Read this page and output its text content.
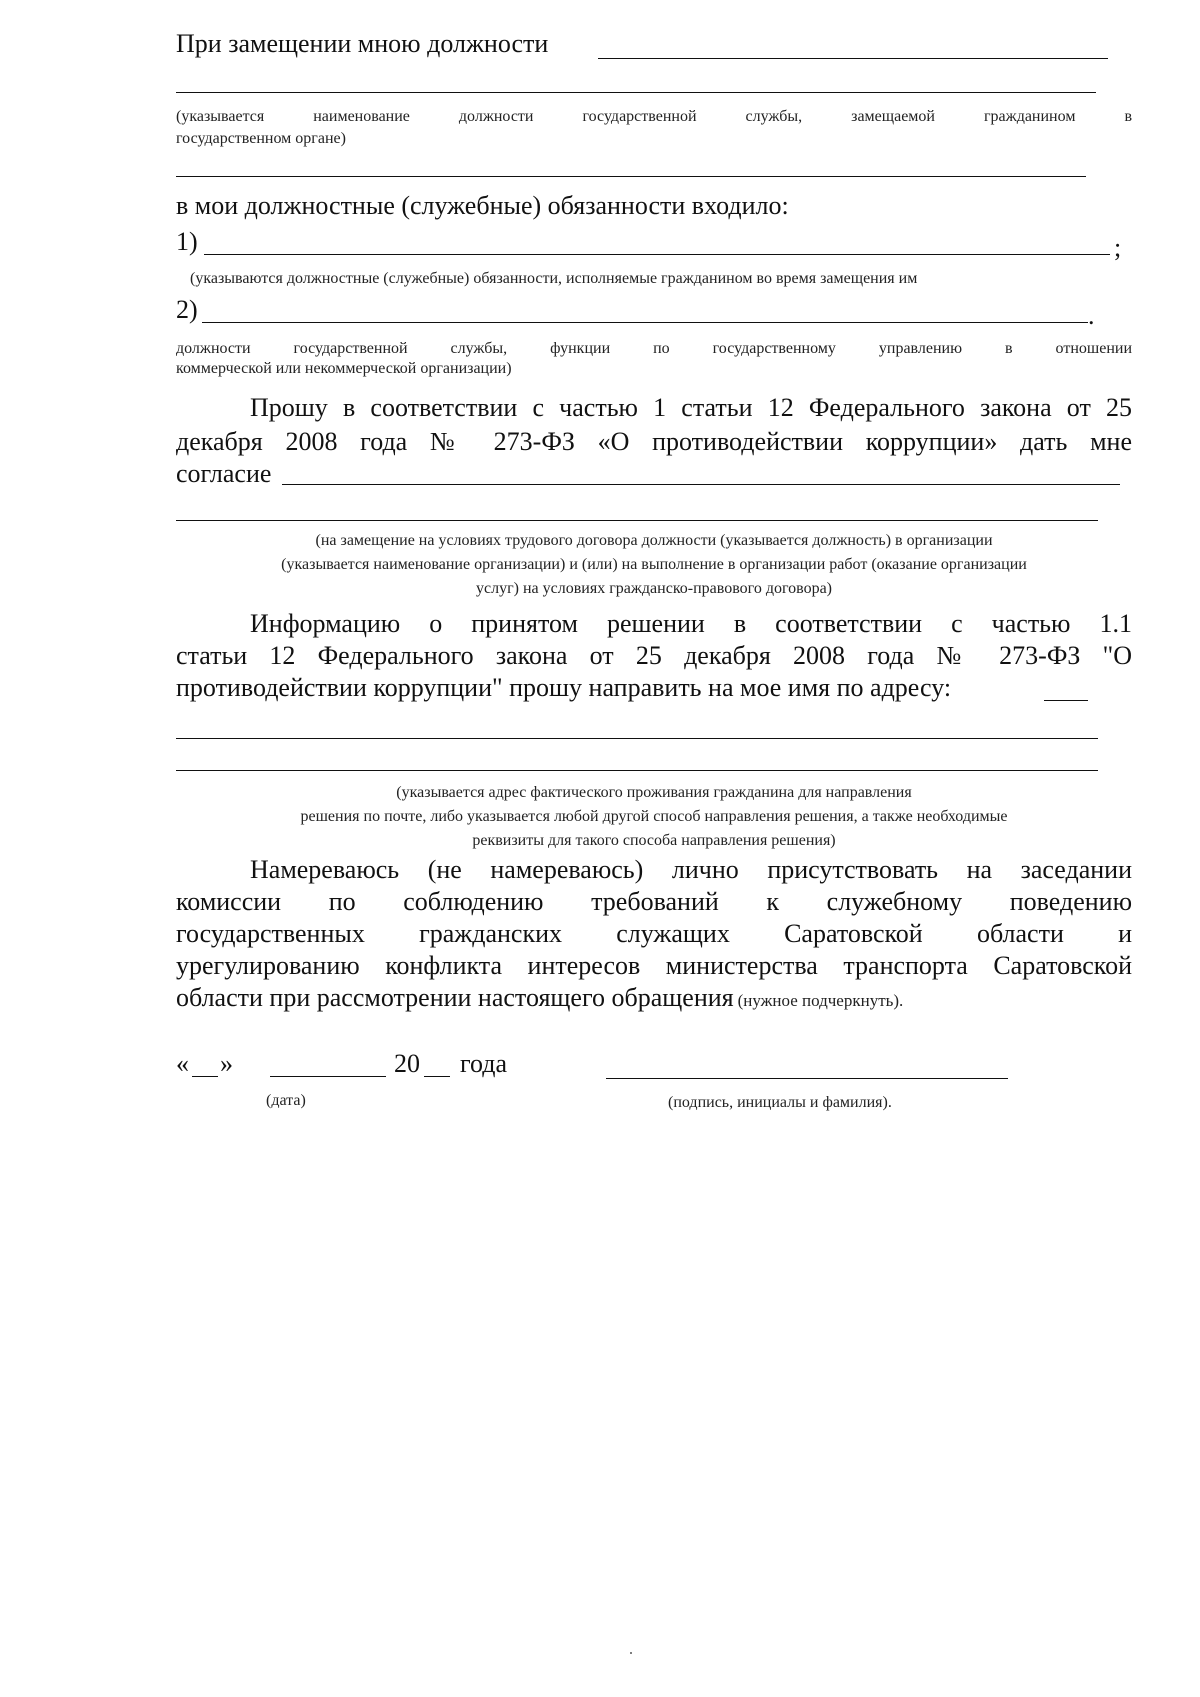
При замещении мною должности
(указывается наименование должности государственной службы, замещаемой гражданином в
государственном органе)
в мои должностные (служебные) обязанности входило:
1)	;
(указываются должностные (служебные) обязанности, исполняемые гражданином во время замещения им
2)	.
должности государственной службы, функции по государственному управлению в отношении
коммерческой или некоммерческой организации)
Прошу в соответствии с частью 1 статьи 12 Федерального закона от 25
декабря 2008 года № 273-ФЗ «О противодействии коррупции» дать мне
согласие
(на замещение на условиях трудового договора должности (указывается должность) в организации
(указывается наименование организации) и (или) на выполнение в организации работ (оказание организации
услуг) на условиях гражданско-правового договора)
Информацию о принятом решении в соответствии с частью 1.1
статьи 12 Федерального закона от 25 декабря 2008 года № 273-ФЗ "О
противодействии коррупции" прошу направить на мое имя по адресу:
(указывается адрес фактического проживания гражданина для направления
решения по почте, либо указывается любой другой способ направления решения, а также необходимые
реквизиты для такого способа направления решения)
Намереваюсь (не намереваюсь) лично присутствовать на заседании
комиссии по соблюдению требований к служебному поведению
государственных гражданских служащих Саратовской области и
урегулированию конфликта интересов министерства транспорта Саратовской
области при рассмотрении настоящего обращения (нужное подчеркнуть).
« »	20 года
(дата)	(подпись, инициалы и фамилия).
